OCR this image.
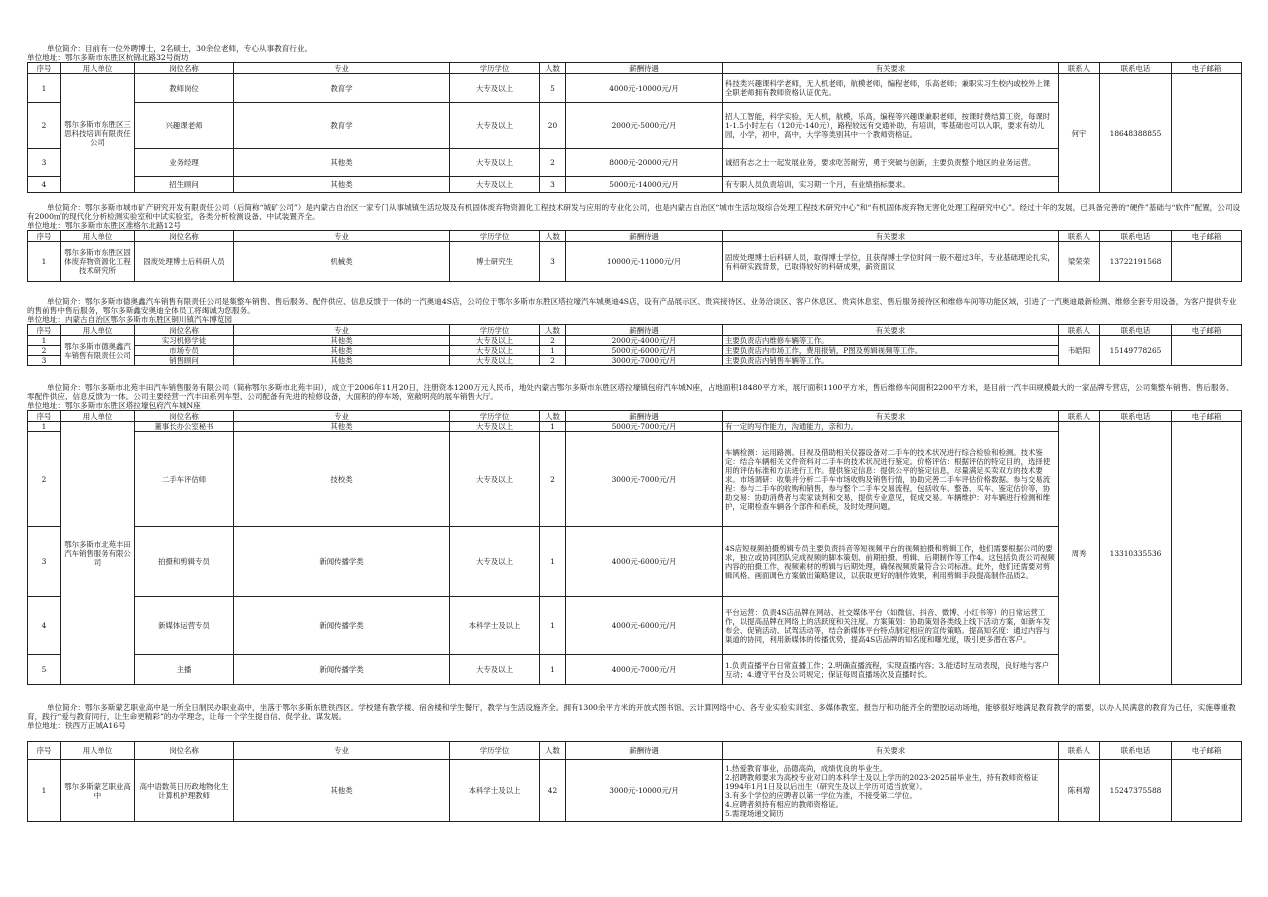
单位简介：目前有一位外聘博士，2名硕士，30余位老师，专心从事教育行业。

单位地址：鄂尔多斯市东胜区杭锦北路32号街坊

序号	用人单位	岗位名称	专业	学历学位	人数	薪酬待遇	有关要求	联系人	联系电话	电子邮箱
1	鄂尔多斯市东胜区三思科技培训有限责任公司	教师岗位	教育学	大专及以上	5	4000元-10000元/月	科技类兴趣课科学老师，无人机老师，航模老师，编程老师，乐高老师；兼职实习生校内或校外上课全职老师拥有教师资格认证优先。	何宇	18648388855	
2		兴趣课老师	教育学	大专及以上	20	2000元-5000元/月	招人工智能，科学实验，无人机，航模，乐高，编程等兴趣课兼职老师，按课时费结算工资，每课时1-1.5小时左右（120元-140元），路程较远有交通补助，有培训，零基础也可以入职，要求有幼儿园，小学，初中，高中，大学等类别其中一个教师资格证。			
3		业务经理	其他类	大专及以上	2	8000元-20000元/月	诚招有志之士一起发展业务，要求吃苦耐劳，勇于突破与创新，主要负责整个地区的业务运营。			
4		招生顾问	其他类	大专及以上	3	5000元-14000元/月	有专职人员负责培训，实习期一个月，有业绩指标要求。			

单位简介：鄂尔多斯市城市矿产研究开发有限责任公司（后简称“城矿公司”）是内蒙古自治区一家专门从事城镇生活垃圾及有机固体废弃物资源化工程技术研发与应用的专业化公司，也是内蒙古自治区“城市生活垃圾综合处理工程技术研究中心”和“有机固体废弃物无害化处理工程研究中心”。经过十年的发展，已具备完善的“硬件”基础与“软件”配置，公司设有2000㎡的现代化分析检测实验室和中试实验室，各类分析检测设备、中试装置齐全。

单位地址：鄂尔多斯市东胜区准格尔北路12号

序号	用人单位	岗位名称	专业	学历学位	人数	薪酬待遇	有关要求	联系人	联系电话	电子邮箱
1	鄂尔多斯市东胜区固体废弃物资源化工程技术研究所	固废处理博士后科研人员	机械类	博士研究生	3	10000元-11000元/月	固废处理博士后科研人员，取得博士学位，且获得博士学位时间一般不超过3年，专业基础理论扎实，有科研实践背景，已取得较好的科研成果，薪资面议	梁荣荣	13722191568	

单位简介：鄂尔多斯市德奥鑫汽车销售有限责任公司是集整车销售、售后服务、配件供应、信息反馈于一体的一汽奥迪4S店，公司位于鄂尔多斯市东胜区塔拉壕汽车城奥迪4S店，设有产品展示区、贵宾接待区、业务洽谈区、客户休息区、贵宾休息室、售后服务接待区和维修车间等功能区域，引进了一汽奥迪最新检测、维修全套专用设备，为客户提供专业的售前售中售后服务，鄂尔多斯鑫安奥迪全体员工将竭诚为您服务。

单位地址：内蒙古自治区鄂尔多斯市东胜区铜川镇汽车博览园

序号	用人单位	岗位名称	专业	学历学位	人数	薪酬待遇	有关要求	联系人	联系电话	电子邮箱
1	鄂尔多斯市德奥鑫汽车销售有限责任公司	实习机修学徒	其他类	大专及以上	2	2000元-4000元/月	主要负责店内维修车辆等工作。	韦皓阳	15149778265	
2		市场专员	其他类	大专及以上	1	5000元-6000元/月	主要负责店内市场工作，费用报销，P图及剪辑视频等工作。			
3		销售顾问	其他类	大专及以上	2	3000元-7000元/月	主要负责店内销售车辆等工作。			

单位简介：鄂尔多斯市北苑丰田汽车销售服务有限公司（简称鄂尔多斯市北苑丰田），成立于2006年11月20日，注册资本1200万元人民币，地处内蒙古鄂尔多斯市东胜区塔拉壕镇包府汽车城N座，占地面积18480平方米，展厅面积1100平方米，售后维修车间面积2200平方米，是目前一汽丰田规模最大的一家品牌专营店，公司集整车销售、售后服务、零配件供应、信息反馈为一体。公司主要经营一汽丰田系列车型、公司配备有先进的检修设备，大面积的停车场，宽敞明亮的展车销售大厅。

单位地址：鄂尔多斯市东胜区塔拉壕包府汽车城N座

序号	用人单位	岗位名称	专业	学历学位	人数	薪酬待遇	有关要求	联系人	联系电话	电子邮箱
1	鄂尔多斯市北苑丰田汽车销售服务有限公司	董事长办公室秘书	其他类	大专及以上	1	5000元-7000元/月	有一定的写作能力，沟通能力，亲和力。	周秀	13310335536	
2		二手车评估师	技校类	大专及以上	2	3000元-7000元/月	车辆检测：运用路测、目视及借助相关仪器设备对二手车的技术状况进行综合检验和检测。技术鉴定：结合车辆相关文件资料对二手车的技术状况进行鉴定。价格评估：根据评估的特定目的，选择使用的评估标准和方法进行工作。提供鉴定信息：提供公平的鉴定信息，尽量满足买卖双方的技术要求。市场调研：收集并分析二手车市场收购及销售行情，协助完善二手车评估价格数据。参与交易流程：参与二手车的收购和销售，参与整个二手车交易流程，包括收车、整备、买车、鉴定估价等，协助交易：协助消费者与卖家谈判和交易，提供专业意见，促成交易。车辆维护：对车辆进行检测和维护，定期检查车辆各个部件和系统，及时处理问题。			
3		拍摄和剪辑专员	新闻传播学类	大专及以上	1	4000元-6000元/月	4S店短视频拍摄剪辑专员主要负责抖音等短视频平台的视频拍摄和剪辑工作，他们需要根据公司的要求，独立或协同团队完成视频的脚本策划、前期拍摄、剪辑、后期制作等工作4。这包括负责公司视频内容的拍摄工作，视频素材的剪辑与后期处理，确保视频质量符合公司标准。此外，他们还需要对剪辑风格、画面调色方案做出策略建议，以获取更好的制作效果，利用剪辑手段提高制作品质2。			
4		新媒体运营专员	新闻传播学类	本科学士及以上	1	4000元-6000元/月	平台运营：负责4S店品牌在网站、社交媒体平台（如微信、抖音、微博、小红书等）的日常运营工作，以提高品牌在网络上的活跃度和关注度。方案策划：协助策划各类线上线下活动方案，如新车发布会、促销活动、试驾活动等，结合新媒体平台特点制定相应的宣传策略。提高知名度：通过内容与渠道的协同，利用新媒体的传播优势，提高4S店品牌的知名度和曝光度，吸引更多潜在客户。			
5		主播	新闻传播学类	大专及以上	1	4000元-7000元/月	1.负责直播平台日常直播工作；2.明确直播流程，实现直播内容；3.能适时互动表现，良好地与客户互动；4.遵守平台及公司规定；保证每周直播场次及直播时长。			

单位简介：鄂尔多斯蒙艺职业高中是一所全日制民办职业高中，坐落于鄂尔多斯东胜铁西区。学校建有教学楼、宿舍楼和学生餐厅，教学与生活设施齐全。拥有1300余平方米的开放式图书馆、云计算网络中心、各专业实验实训室、多媒体教室、报告厅和功能齐全的塑胶运动场地，能够很好地满足教育教学的需要，以办人民满意的教育为己任，实施尊重教育，践行“爱与教育同行，让生命更精彩”的办学理念，让每一个学生提自信、促学业、谋发展。

单位地址：铁西万正城A16号

序号	用人单位	岗位名称	专业	学历学位	人数	薪酬待遇	有关要求	联系人	联系电话	电子邮箱
1	鄂尔多斯蒙艺职业高中	高中语数英日历政地物化生计算机护理教师	其他类	本科学士及以上	42	3000元-10000元/月	1.热爱教育事业，品德高尚，成绩优良的毕业生。
2.招聘教师要求为高校专业对口的本科学士及以上学历的2023-2025届毕业生，持有教师资格证1994年1月1日及以后出生（研究生及以上学历可适当放宽）。
3.有多个学位的应聘者以第一学位为准，不接受第二学位。
4.应聘者须持有相应的教师资格证。
5.需现场递交简历	陈利增	15247375588	
